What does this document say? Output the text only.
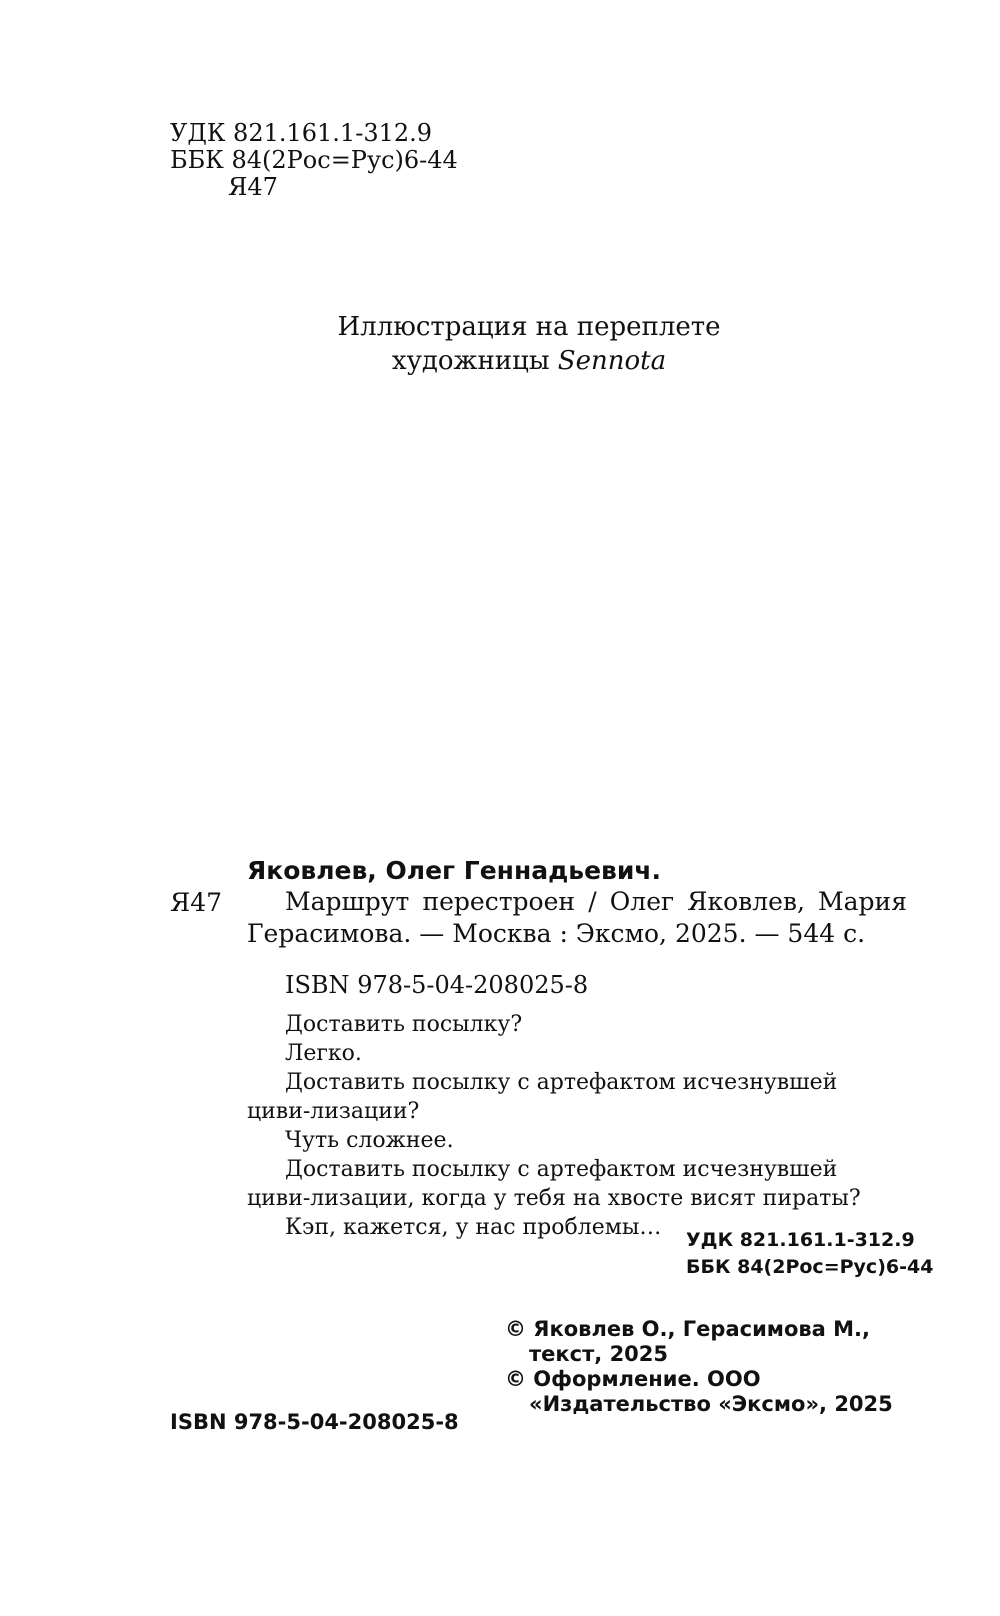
УДК 821.161.1-312.9
ББК 84(2Рос=Рус)6-44
Я47
Иллюстрация на переплете
художницы Sennota
Яковлев, Олег Геннадьевич.
Я47	Маршрут перестроен / Олег Яковлев, Мария
Герасимова. — Москва : Эксмо, 2025. — 544 с.
ISBN 978-5-04-208025-8

Доставить посылку?

Легко.

Доставить посылку с артефактом исчезнувшей циви-лизации?

Чуть сложнее.

Доставить посылку с артефактом исчезнувшей циви-лизации, когда у тебя на хвосте висят пираты?

Кэп, кажется, у нас проблемы…	УДК 821.161.1-312.9
ББК 84(2Рос=Рус)6-44

© Яковлев О., Герасимова М., текст, 2025

© Оформление. ООО «Издательство «Эксмо», 2025

ISBN 978-5-04-208025-8
